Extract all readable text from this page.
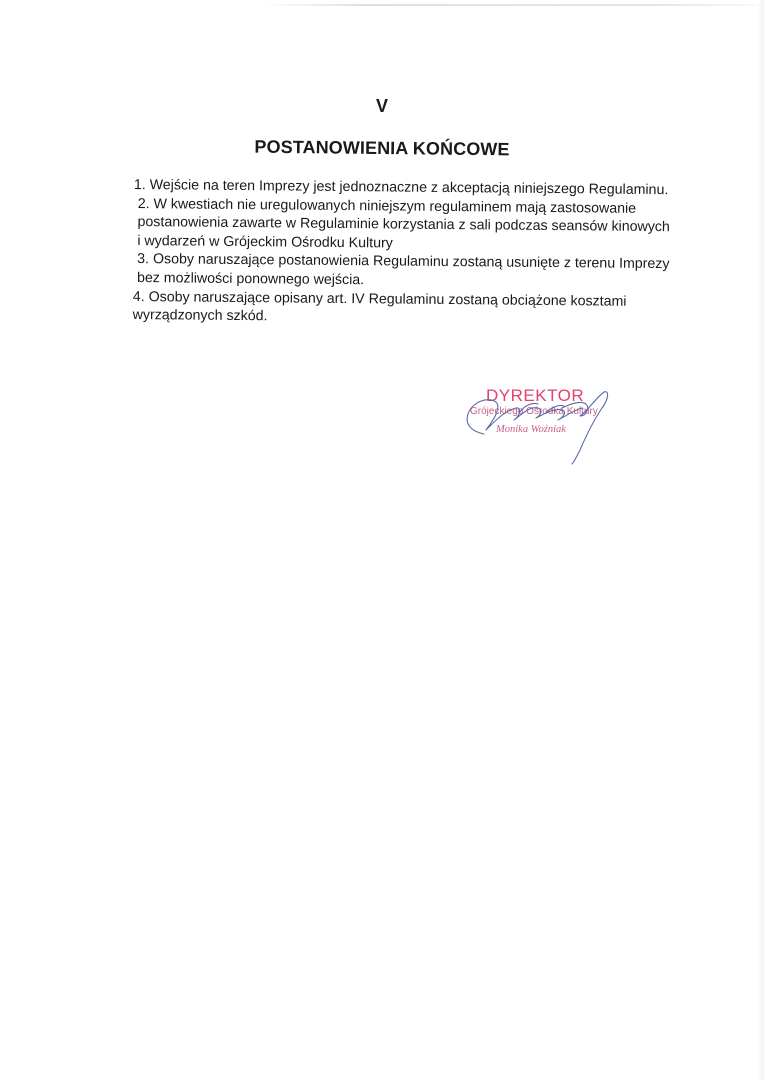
V
POSTANOWIENIA KOŃCOWE

1. Wejście na teren Imprezy jest jednoznaczne z akceptacją niniejszego Regulaminu.

2. W kwestiach nie uregulowanych niniejszym regulaminem mają zastosowanie postanowienia zawarte w Regulaminie korzystania z sali podczas seansów kinowych i wydarzeń w Grójeckim Ośrodku Kultury

3. Osoby naruszające postanowienia Regulaminu zostaną usunięte z terenu Imprezy bez możliwości ponownego wejścia.

4. Osoby naruszające opisany art. IV Regulaminu zostaną obciążone kosztami wyrządzonych szkód.

DYREKTOR
Grójeckiego Ośrodka Kultury
Monika Woźniak
